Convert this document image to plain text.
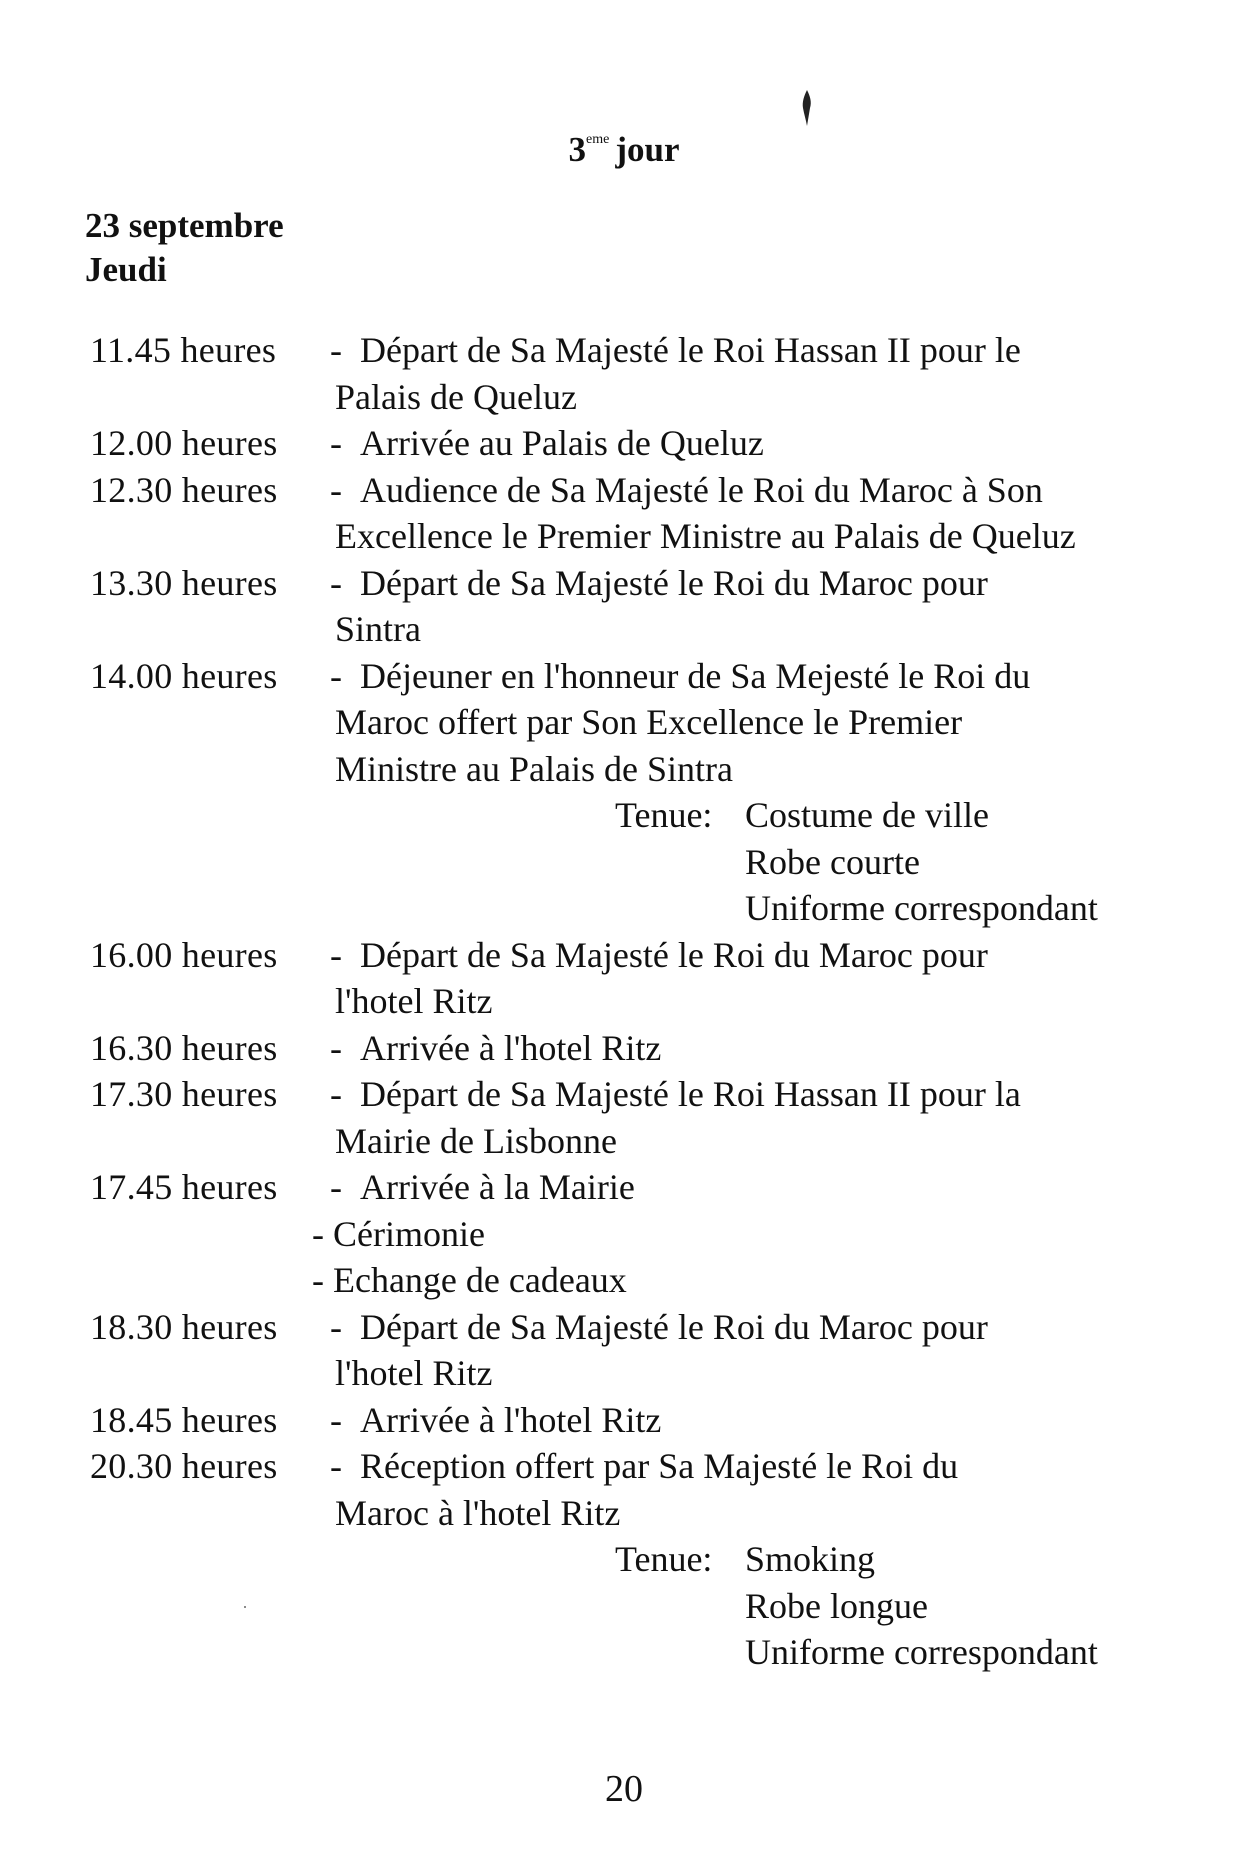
3eme jour
23 septembre
Jeudi
11.45 heures - Départ de Sa Majesté le Roi Hassan II pour le
Palais de Queluz
12.00 heures - Arrivée au Palais de Queluz
12.30 heures - Audience de Sa Majesté le Roi du Maroc à Son
Excellence le Premier Ministre au Palais de Queluz
13.30 heures - Départ de Sa Majesté le Roi du Maroc pour
Sintra
14.00 heures - Déjeuner en l'honneur de Sa Mejesté le Roi du
Maroc offert par Son Excellence le Premier
Ministre au Palais de Sintra
Tenue: Costume de ville
Robe courte
Uniforme correspondant
16.00 heures - Départ de Sa Majesté le Roi du Maroc pour
l'hotel Ritz
16.30 heures - Arrivée à l'hotel Ritz
17.30 heures - Départ de Sa Majesté le Roi Hassan II pour la
Mairie de Lisbonne
17.45 heures - Arrivée à la Mairie
- Cérimonie
- Echange de cadeaux
18.30 heures - Départ de Sa Majesté le Roi du Maroc pour
l'hotel Ritz
18.45 heures - Arrivée à l'hotel Ritz
20.30 heures - Réception offert par Sa Majesté le Roi du
Maroc à l'hotel Ritz
Tenue: Smoking
Robe longue
Uniforme correspondant
20
